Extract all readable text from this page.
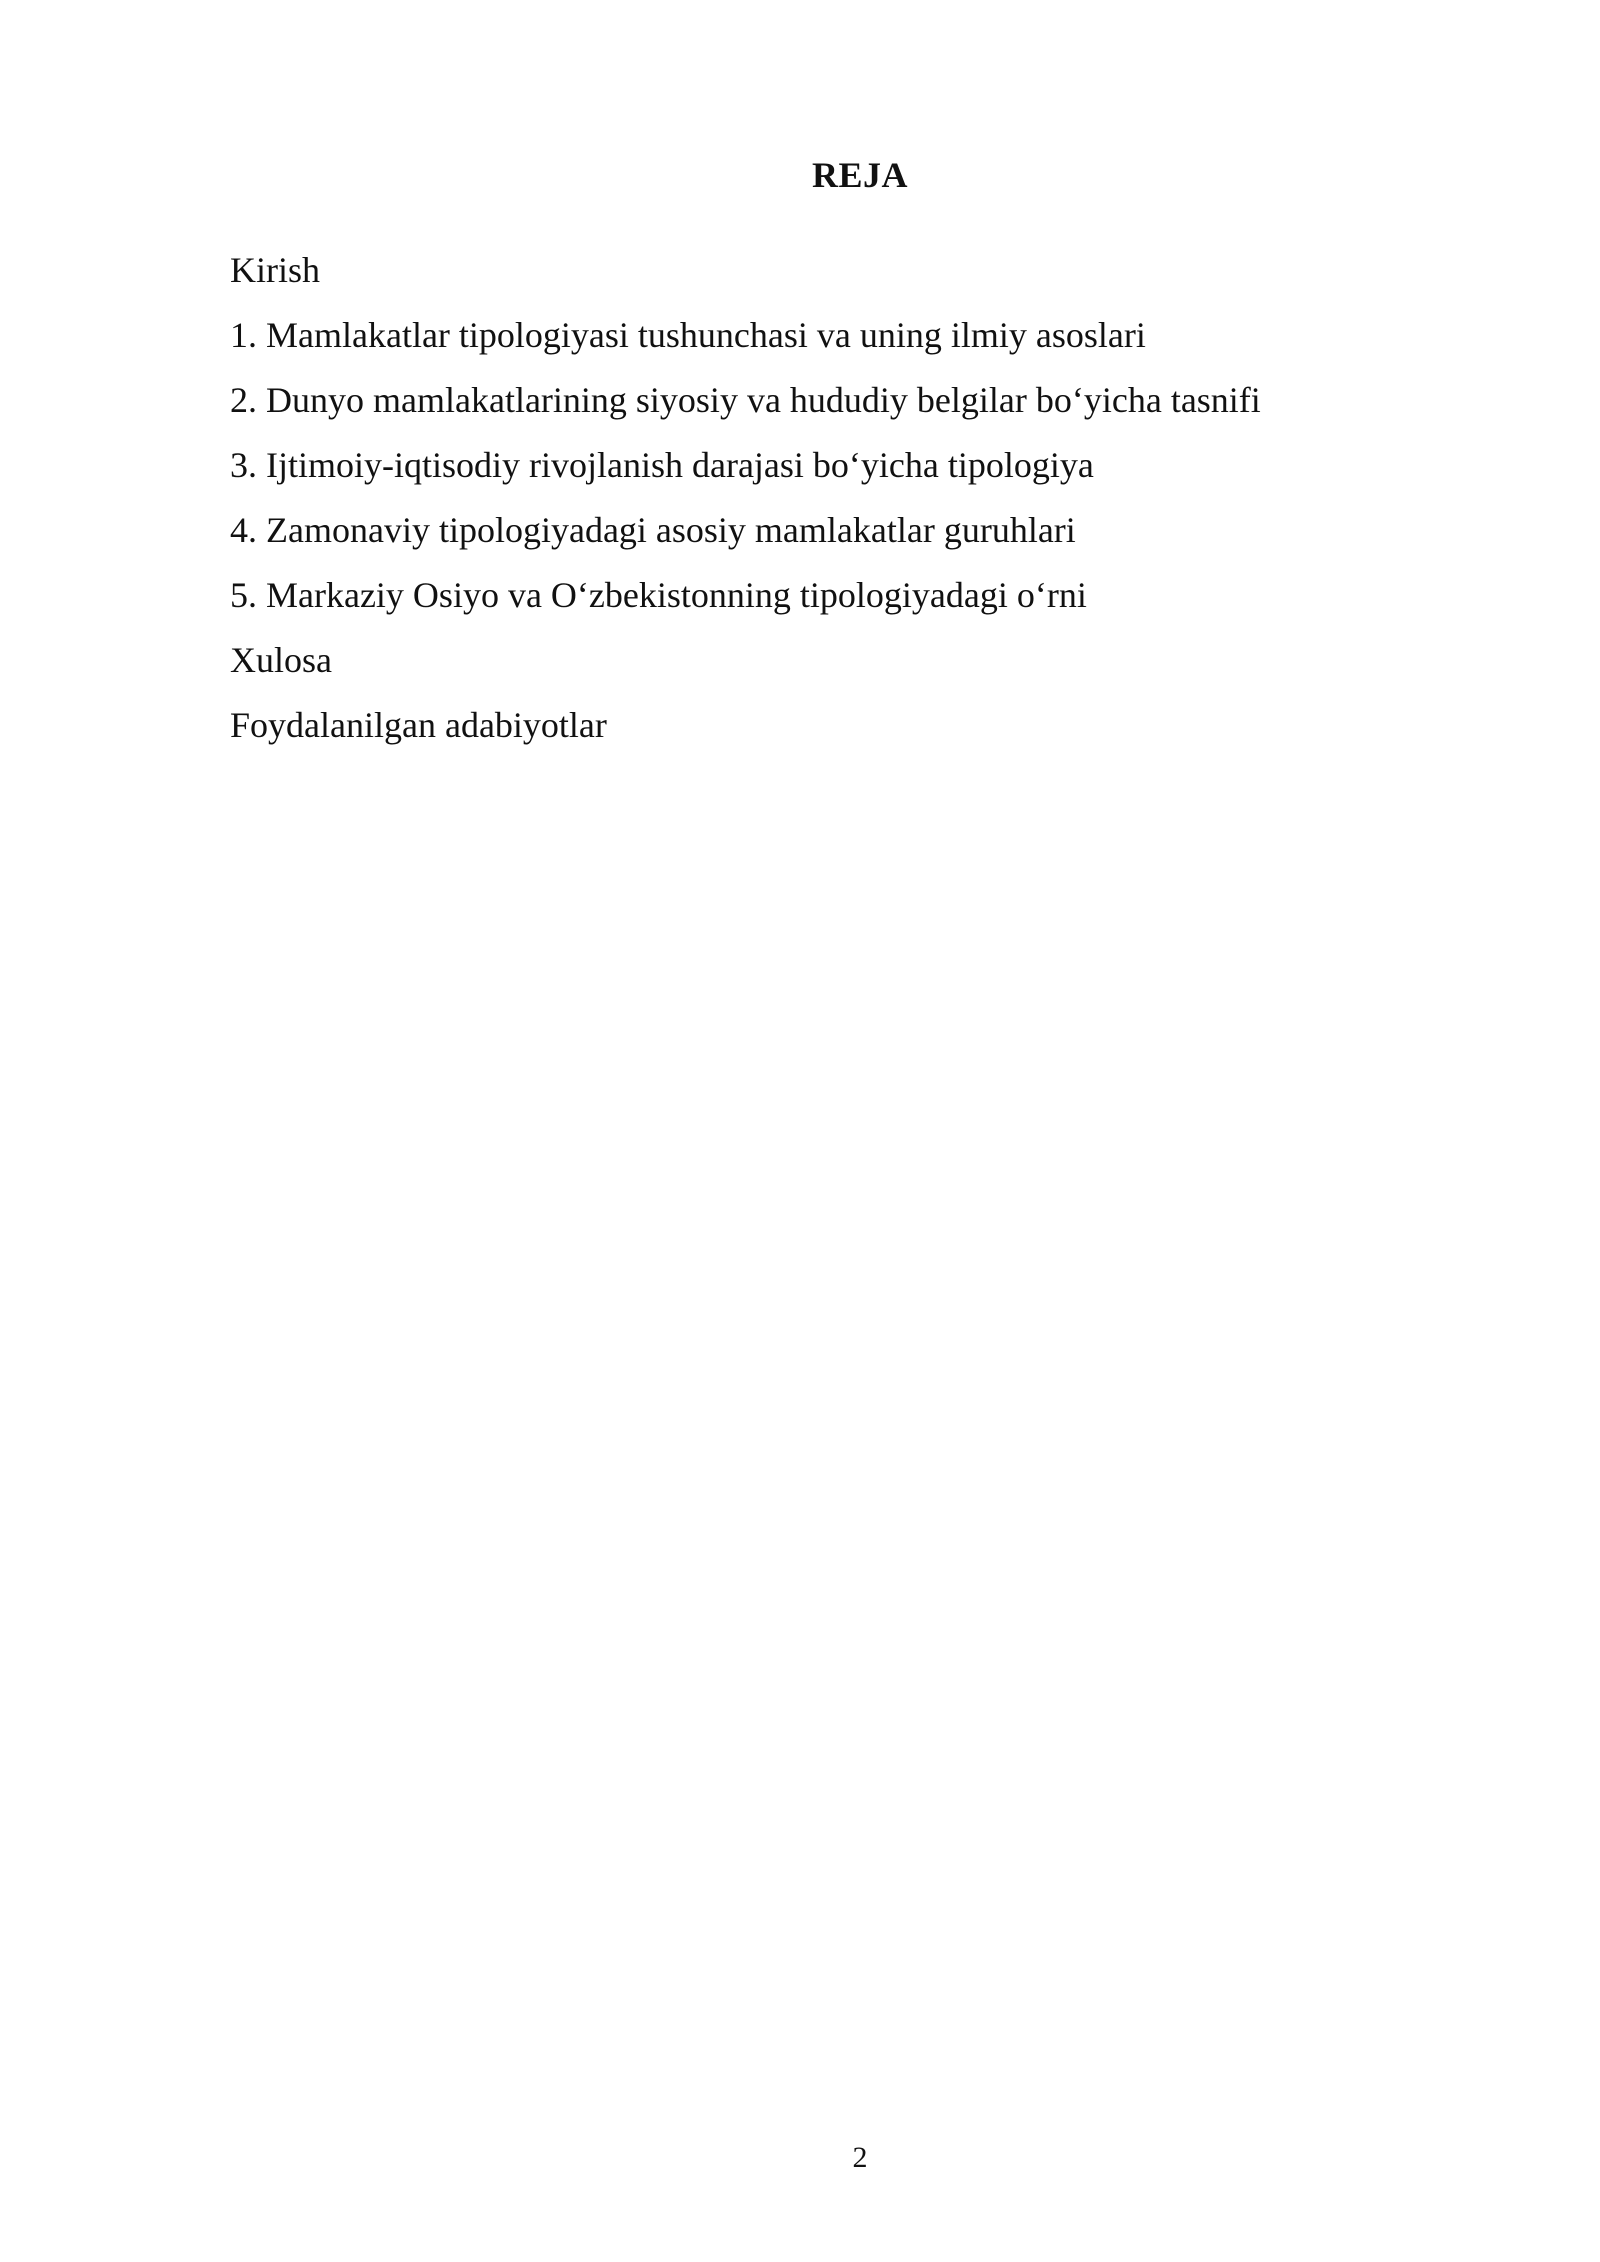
REJA
Kirish
1. Mamlakatlar tipologiyasi tushunchasi va uning ilmiy asoslari
2. Dunyo mamlakatlarining siyosiy va hududiy belgilar bo‘yicha tasnifi
3. Ijtimoiy-iqtisodiy rivojlanish darajasi bo‘yicha tipologiya
4. Zamonaviy tipologiyadagi asosiy mamlakatlar guruhlari
5. Markaziy Osiyo va O‘zbekistonning tipologiyadagi o‘rni
Xulosa
Foydalanilgan adabiyotlar
2
